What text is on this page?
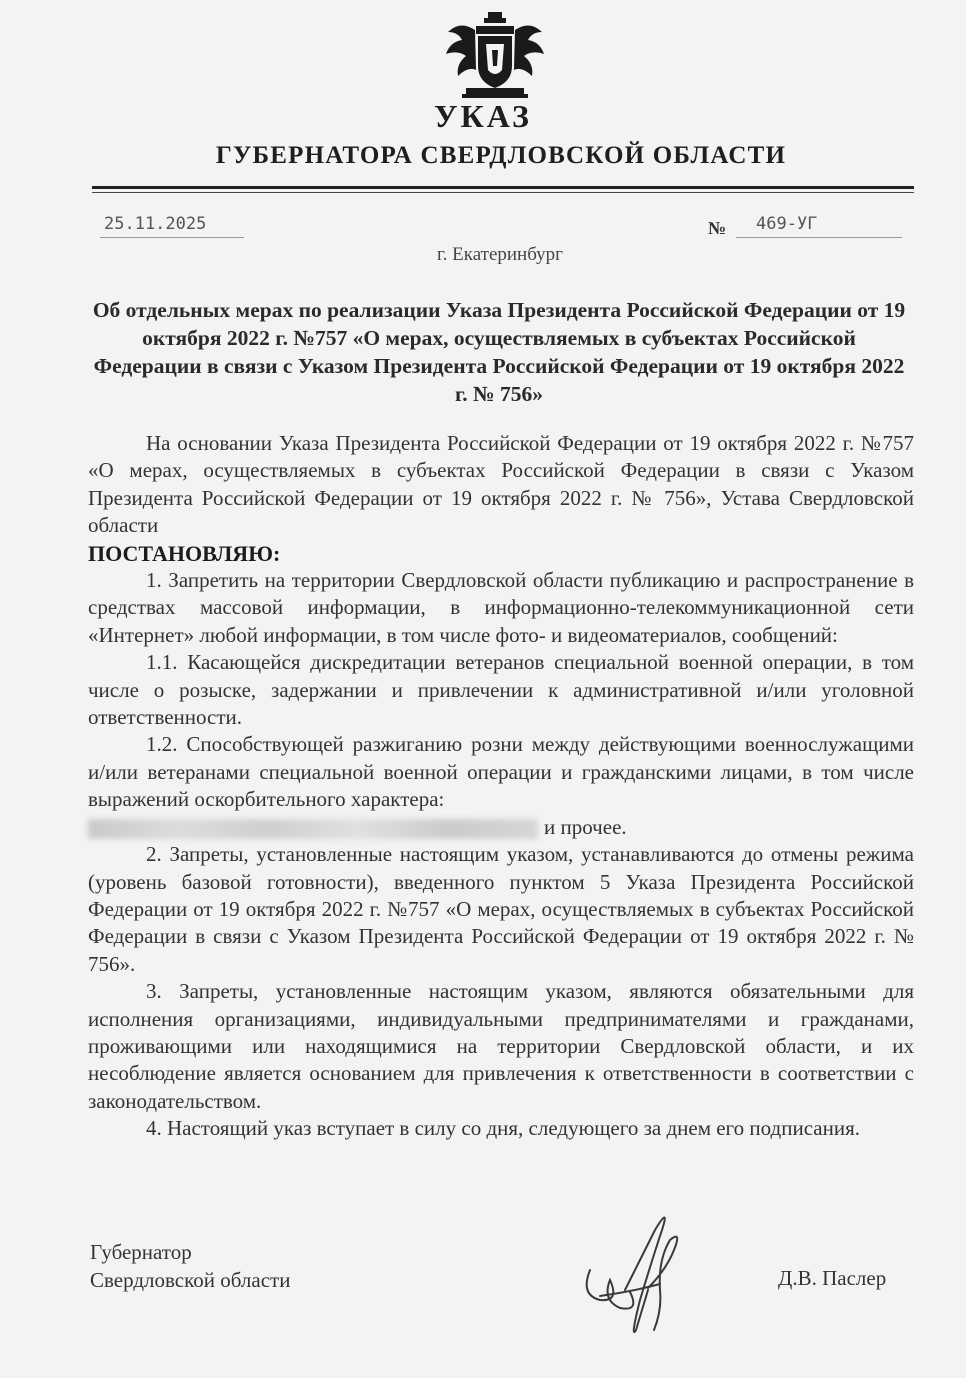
УКАЗ
ГУБЕРНАТОРА СВЕРДЛОВСКОЙ ОБЛАСТИ
25.11.2025	№	469-УГ
г. Екатеринбург
Об отдельных мерах по реализации Указа Президента Российской Федерации от 19 октября 2022 г. №757 «О мерах, осуществляемых в субъектах Российской Федерации в связи с Указом Президента Российской Федерации от 19 октября 2022 г. № 756»

На основании Указа Президента Российской Федерации от 19 октября 2022 г. №757 «О мерах, осуществляемых в субъектах Российской Федерации в связи с Указом Президента Российской Федерации от 19 октября 2022 г. № 756», Устава Свердловской области

ПОСТАНОВЛЯЮ:

1. Запретить на территории Свердловской области публикацию и распространение в средствах массовой информации, в информационно-телекоммуникационной сети «Интернет» любой информации, в том числе фото- и видеоматериалов, сообщений:

1.1. Касающейся дискредитации ветеранов специальной военной операции, в том числе о розыске, задержании и привлечении к административной и/или уголовной ответственности.

1.2. Способствующей разжиганию розни между действующими военнослужащими и/или ветеранами специальной военной операции и гражданскими лицами, в том числе выражений оскорбительного характера:

и прочее.

2. Запреты, установленные настоящим указом, устанавливаются до отмены режима (уровень базовой готовности), введенного пунктом 5 Указа Президента Российской Федерации от 19 октября 2022 г. №757 «О мерах, осуществляемых в субъектах Российской Федерации в связи с Указом Президента Российской Федерации от 19 октября 2022 г. № 756».

3. Запреты, установленные настоящим указом, являются обязательными для исполнения организациями, индивидуальными предпринимателями и гражданами, проживающими или находящимися на территории Свердловской области, и их несоблюдение является основанием для привлечения к ответственности в соответствии с законодательством.

4. Настоящий указ вступает в силу со дня, следующего за днем его подписания.

Губернатор
Свердловской области	Д.В. Паслер
